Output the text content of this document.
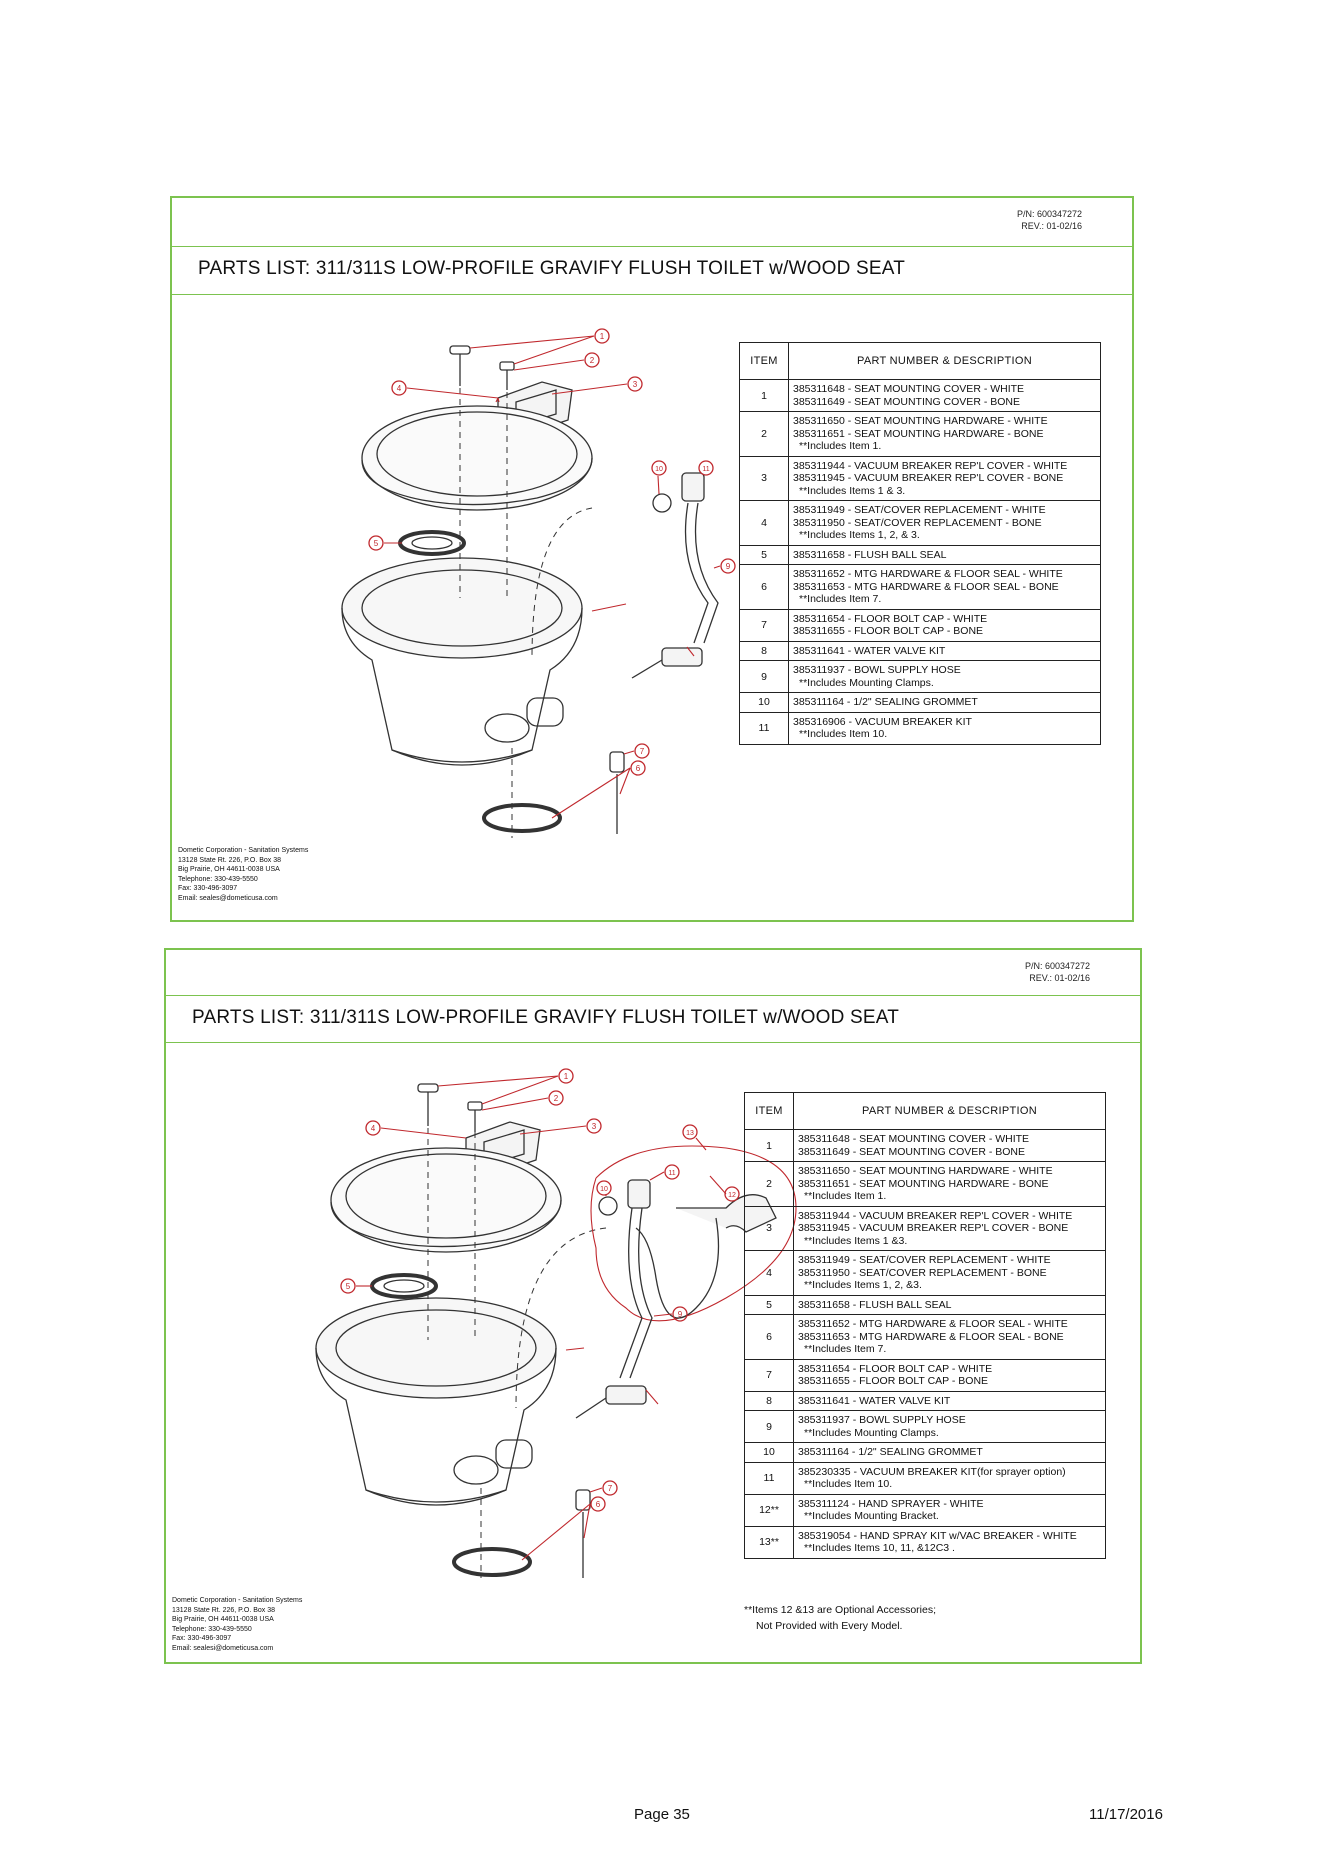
P/N: 600347272
REV.: 01-02/16
PARTS LIST: 311/311S LOW-PROFILE GRAVIFY FLUSH TOILET w/WOOD SEAT
1
2
3
4
5
6
7
9
10	11
Dometic Corporation - Sanitation Systems
13128 State Rt. 226, P.O. Box 38
Big Prairie, OH 44611-0038 USA
Telephone: 330-439-5550
Fax: 330-496-3097
Email: seales@dometicusa.com
ITEM	PART NUMBER & DESCRIPTION
1	385311648 - SEAT MOUNTING COVER - WHITE
385311649 - SEAT MOUNTING COVER - BONE

2	385311650 - SEAT MOUNTING HARDWARE - WHITE
385311651 - SEAT MOUNTING HARDWARE - BONE
**Includes Item 1.

3	385311944 - VACUUM BREAKER REP'L COVER - WHITE
385311945 - VACUUM BREAKER REP'L COVER - BONE
**Includes Items 1 & 3.

4	385311949 - SEAT/COVER REPLACEMENT - WHITE
385311950 - SEAT/COVER REPLACEMENT - BONE
**Includes Items 1, 2, & 3.

5	385311658 - FLUSH BALL SEAL

6	385311652 - MTG HARDWARE & FLOOR SEAL - WHITE
385311653 - MTG HARDWARE & FLOOR SEAL - BONE
**Includes Item 7.

7	385311654 - FLOOR BOLT CAP - WHITE
385311655 - FLOOR BOLT CAP - BONE

8	385311641 - WATER VALVE KIT

9	385311937 - BOWL SUPPLY HOSE
**Includes Mounting Clamps.

10	385311164 - 1/2" SEALING GROMMET

11	385316906 - VACUUM BREAKER KIT
**Includes Item 10.
P/N: 600347272
REV.: 01-02/16
PARTS LIST: 311/311S LOW-PROFILE GRAVIFY FLUSH TOILET w/WOOD SEAT
1
2
3
4
5
6
7
9
10
11
12
13
Dometic Corporation - Sanitation Systems
13128 State Rt. 226, P.O. Box 38
Big Prairie, OH 44611-0038 USA
Telephone: 330-439-5550
Fax: 330-496-3097
Email: sealesi@dometicusa.com
ITEM	PART NUMBER & DESCRIPTION
1	385311648 - SEAT MOUNTING COVER - WHITE
385311649 - SEAT MOUNTING COVER - BONE

2	385311650 - SEAT MOUNTING HARDWARE - WHITE
385311651 - SEAT MOUNTING HARDWARE - BONE
**Includes Item 1.

3	385311944 - VACUUM BREAKER REP'L COVER - WHITE
385311945 - VACUUM BREAKER REP'L COVER - BONE
**Includes Items 1 &3.

4	385311949 - SEAT/COVER REPLACEMENT - WHITE
385311950 - SEAT/COVER REPLACEMENT - BONE
**Includes Items 1, 2, &3.

5	385311658 - FLUSH BALL SEAL

6	385311652 - MTG HARDWARE & FLOOR SEAL - WHITE
385311653 - MTG HARDWARE & FLOOR SEAL - BONE
**Includes Item 7.

7	385311654 - FLOOR BOLT CAP - WHITE
385311655 - FLOOR BOLT CAP - BONE

8	385311641 - WATER VALVE KIT

9	385311937 - BOWL SUPPLY HOSE
**Includes Mounting Clamps.

10	385311164 - 1/2" SEALING GROMMET

11	385230335 - VACUUM BREAKER KIT(for sprayer option)
**Includes Item 10.

12**	385311124 - HAND SPRAYER - WHITE
**Includes Mounting Bracket.

13**	385319054 - HAND SPRAY KIT w/VAC BREAKER - WHITE
**Includes Items 10, 11, &12C3 .
**Items 12 &13 are Optional Accessories;
Not Provided with Every Model.
Page 35	11/17/2016
